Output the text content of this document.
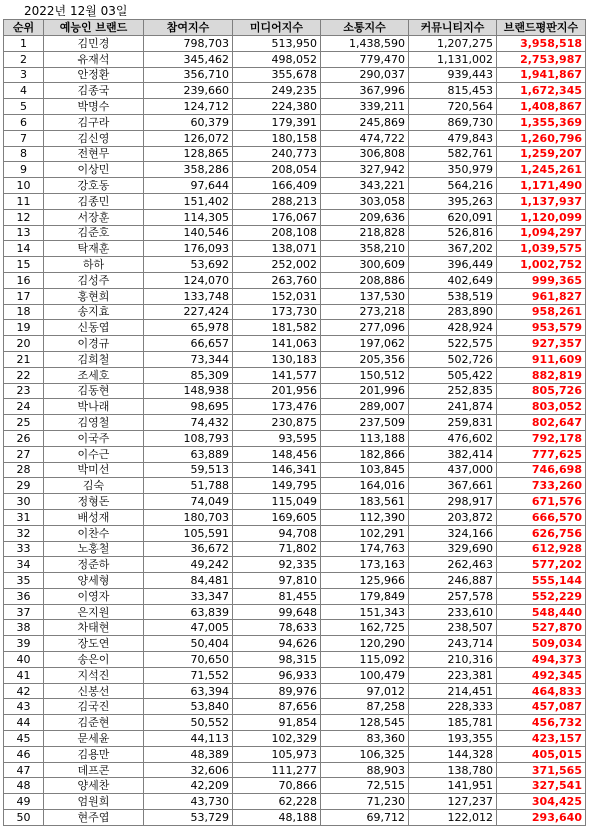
2022년 12월 03일
순위	예능인 브랜드	참여지수	미디어지수	소통지수	커뮤니티지수	브랜드평판지수
1	김민경	798,703	513,950	1,438,590	1,207,275	3,958,518
2	유재석	345,462	498,052	779,470	1,131,002	2,753,987
3	안정환	356,710	355,678	290,037	939,443	1,941,867
4	김종국	239,660	249,235	367,996	815,453	1,672,345
5	박명수	124,712	224,380	339,211	720,564	1,408,867
6	김구라	60,379	179,391	245,869	869,730	1,355,369
7	김신영	126,072	180,158	474,722	479,843	1,260,796
8	전현무	128,865	240,773	306,808	582,761	1,259,207
9	이상민	358,286	208,054	327,942	350,979	1,245,261
10	강호동	97,644	166,409	343,221	564,216	1,171,490
11	김종민	151,402	288,213	303,058	395,263	1,137,937
12	서장훈	114,305	176,067	209,636	620,091	1,120,099
13	김준호	140,546	208,108	218,828	526,816	1,094,297
14	탁재훈	176,093	138,071	358,210	367,202	1,039,575
15	하하	53,692	252,002	300,609	396,449	1,002,752
16	김성주	124,070	263,760	208,886	402,649	999,365
17	홍현희	133,748	152,031	137,530	538,519	961,827
18	송지효	227,424	173,730	273,218	283,890	958,261
19	신동엽	65,978	181,582	277,096	428,924	953,579
20	이경규	66,657	141,063	197,062	522,575	927,357
21	김희철	73,344	130,183	205,356	502,726	911,609
22	조세호	85,309	141,577	150,512	505,422	882,819
23	김동현	148,938	201,956	201,996	252,835	805,726
24	박나래	98,695	173,476	289,007	241,874	803,052
25	김영철	74,432	230,875	237,509	259,831	802,647
26	이국주	108,793	93,595	113,188	476,602	792,178
27	이수근	63,889	148,456	182,866	382,414	777,625
28	박미선	59,513	146,341	103,845	437,000	746,698
29	김숙	51,788	149,795	164,016	367,661	733,260
30	정형돈	74,049	115,049	183,561	298,917	671,576
31	배성재	180,703	169,605	112,390	203,872	666,570
32	이찬수	105,591	94,708	102,291	324,166	626,756
33	노홍철	36,672	71,802	174,763	329,690	612,928
34	정준하	49,242	92,335	173,163	262,463	577,202
35	양세형	84,481	97,810	125,966	246,887	555,144
36	이영자	33,347	81,455	179,849	257,578	552,229
37	은지원	63,839	99,648	151,343	233,610	548,440
38	차태현	47,005	78,633	162,725	238,507	527,870
39	장도연	50,404	94,626	120,290	243,714	509,034
40	송은이	70,650	98,315	115,092	210,316	494,373
41	지석진	71,552	96,933	100,479	223,381	492,345
42	신봉선	63,394	89,976	97,012	214,451	464,833
43	김국진	53,840	87,656	87,258	228,333	457,087
44	김준현	50,552	91,854	128,545	185,781	456,732
45	문세윤	44,113	102,329	83,360	193,355	423,157
46	김용만	48,389	105,973	106,325	144,328	405,015
47	데프콘	32,606	111,277	88,903	138,780	371,565
48	양세찬	42,209	70,866	72,515	141,951	327,541
49	엄원희	43,730	62,228	71,230	127,237	304,425
50	현주엽	53,729	48,188	69,712	122,012	293,640
